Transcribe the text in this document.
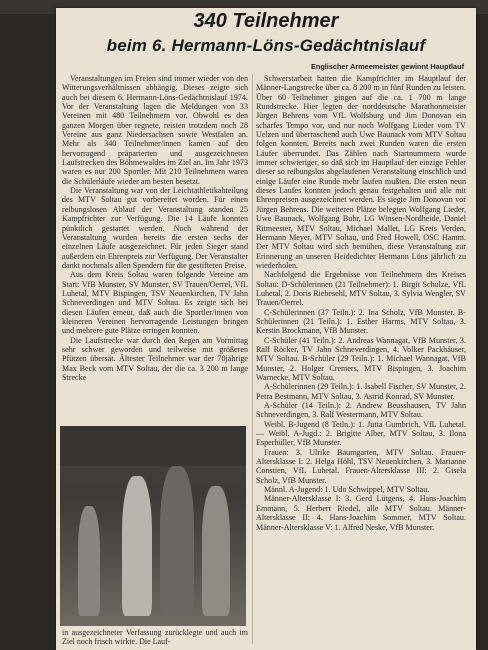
340 Teilnehmer
beim 6. Hermann-Löns-Gedächtnislauf
Englischer Armeemeister gewinnt Hauptlauf

Veranstaltungen im Freien sind immer wieder von den Witterungsverhältnissen abhängig. Dieses zeigte sich auch bei diesem 6. Hermann-Löns-Gedächtnislauf 1974. Vor der Veranstaltung lagen die Meldungen von 33 Vereinen mit 480 Teilnehmern vor. Obwohl es den ganzen Morgen über regnete, reisten trotzdem noch 28 Vereine aus ganz Niedersachsen sowie Westfalen an. Mehr als 340 Teilnehmer/innen kamen auf den hervorragend präparierten und ausgezeichneten Laufstrecken des Böhmewaldes im Ziel an. Im Jahr 1973 waren es nur 200 Sportler. Mit 210 Teilnehmern waren die Schülerläufe wieder am besten besetzt.

Die Veranstaltung war von der Leichtathletikabteilung des MTV Soltau gut vorbereitet worden. Für einen reibungslosen Ablauf der Veranstaltung standen 25 Kampfrichter zur Verfügung. Die 14 Läufe konnten pünktlich gestartet werden. Noch während der Veranstaltung wurden bereits die ersten sechs der einzelnen Läufe ausgezeichnet. Für jeden Sieger stand außerdem ein Ehrenpreis zur Verfügung. Der Veranstalter dankt nochmals allen Spendern für die gestifteten Preise.

Aus dem Kreis Soltau waren folgende Vereine am Start: VfB Munster, SV Munster, SV Trauen/Oerrel, VfL Luhetal, MTV Bispingen, TSV Neuenkirchen, TV Jahn Schneverdingen und MTV Soltau. Es zeigte sich bei diesen Läufen erneut, daß auch die Sportler/innen von kleineren Vereinen hervorragende Leistungen bringen und mehrere gute Plätze erringen konnten.

Die Laufstrecke war durch den Regen am Vormittag sehr schwer geworden und teilweise mit größeren Pfützen übersät. Ältester Teilnehmer war der 70jährige Max Beck vom MTV Soltau, der die ca. 3 200 m lange Strecke

in ausgezeichneter Verfassung zurücklegte und auch im Ziel noch frisch wirkte. Die Lauf-

Schwerstarbeit hatten die Kampfrichter im Hauptlauf der Männer-Langstrecke über ca. 8 200 m in fünf Runden zu leisten. Über 60 Teilnehmer gingen auf die ca. 1 700 m lange Rundstrecke. Hier legten der norddeutsche Marathonmeister Jürgen Behrens vom VfL Wolfsburg und Jim Donovan ein scharfes Tempo vor, und nur noch Wolfgang Lieder vom TV Uelzen und überraschend auch Uwe Baunack vom MTV Soltau folgen konnten. Bereits nach zwei Runden waren die ersten Läufer überrundet. Das Zählen nach Startnummern wurde immer schwieriger, so daß sich im Hauptlauf der einzige Fehler dieser so reibungslos abgelaufenen Veranstaltung einschlich und einige Läufer eine Runde mehr laufen mußten. Die ersten neun dieses Laufes konnten jedoch genau festgehalten und alle mit Ehrenpreisen ausgezeichnet werden. Es siegte Jim Donovan vor Jürgen Behrens. Die weiteren Plätze belegten Wolfgang Lieder, Uwe Baunack, Wolfgang Buhr, LG Winsen-Nordheide, Daniel Ritmeester, MTV Soltau, Michael Mallet, LG Kreis Verden, Hermann Meyer, MTV Soltau, und Fred Howell, OSC Hamm. Der MTV Soltau wird sich bemühen, diese Veranstaltung zur Erinnerung an unseren Heidedichter Hermann Löns jährlich zu wiederholen.

Nachfolgend die Ergebnisse von Teilnehmern des Kreises Soltau: D-Schülerinnen (21 Teilnehmer): 1. Birgit Schulze, VfL Luhetal, 2. Doris Riebesehl, MTV Soltau, 3. Sylvia Wengler, SV Trauen/Oerrel.

C-Schülerinnen (37 Teiln.): 2. Ina Scholz, VfB Munster. B-Schülerinnen (21 Teiln.): 1. Esther Harms, MTV Soltau, 3. Kerstin Brockmann, VfB Munster.

C-Schüler (41 Teiln.): 2. Andreas Wannagat, VfB Munster, 3. Ralf Röcker, TV Jahn Schneverdingen, 4. Volker Packhäuser, MTV Soltau. B-Schüler (29 Teiln.): 1. Michael Wannagat, VfB Munster, 2. Holger Cremers, MTV Bispingen, 3. Joachim Warnecke, MTV Soltau.

A-Schülerinnen (29 Teiln.): 1. Isabell Fischer, SV Munster, 2. Petra Bestmann, MTV Soltau, 3. Astrid Konrad, SV Munster.

A-Schüler (14 Teiln.): 2. Andrew Beusshausen, TV Jahn Schneverdingen, 3. Ralf Westermann, MTV Soltau.

Weibl. B-Jugend (8 Teiln.): 1. Jutta Gumbrich, VfL Luhetal. — Weibl. A-Jugd.: 2. Brigitte Alber, MTV Soltau, 3. Ilona Esperhüller, VfB Munster.

Frauen: 3. Ulrike Baumgarten, MTV Soltau. Frauen-Altersklasse I: 2. Helga Höhl, TSV Neuenkirchen, 3. Marianne Constien, VfL Luhetal. Frauen-Altersklasse III: 2. Gisela Scholz, VfB Munster.

Männl. A-Jugend: 1. Udo Schwippel, MTV Soltau.

Männer-Altersklasse I: 3. Gerd Lütgens, 4. Hans-Joachim Emmann, 5. Herbert Riedel, alle MTV Soltau. Männer-Altersklasse II: 4. Hans-Joachim Sommer, MTV Soltau. Männer-Altersklasse V: 1. Alfred Neske, VfB Munster.
